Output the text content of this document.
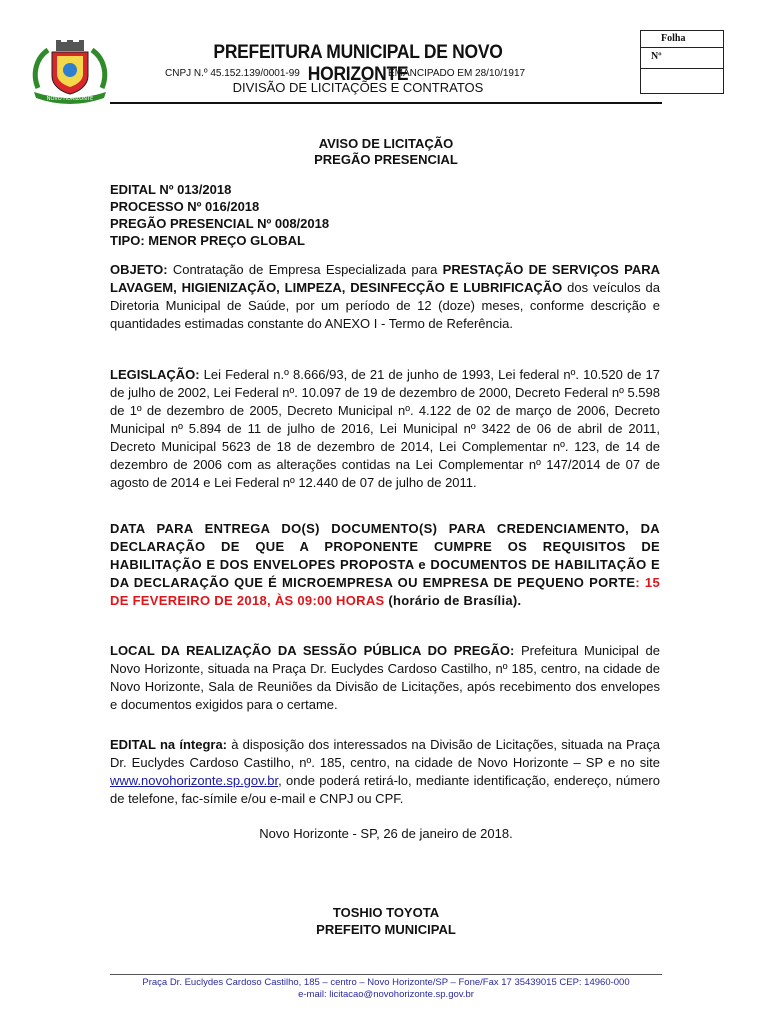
NOVO HORIZONTE
PREFEITURA MUNICIPAL DE NOVO HORIZONTE
CNPJ N.º 45.152.139/0001-99	EMANCIPADO EM 28/10/1917
DIVISÃO DE LICITAÇÕES E CONTRATOS
Folha
Nº
AVISO DE LICITAÇÃO
PREGÃO PRESENCIAL
EDITAL Nº 013/2018
PROCESSO Nº 016/2018
PREGÃO PRESENCIAL Nº 008/2018
TIPO: MENOR PREÇO GLOBAL
OBJETO: Contratação de Empresa Especializada para PRESTAÇÃO DE SERVIÇOS PARA LAVAGEM, HIGIENIZAÇÃO, LIMPEZA, DESINFECÇÃO E LUBRIFICAÇÃO dos veículos da Diretoria Municipal de Saúde, por um período de 12 (doze) meses, conforme descrição e quantidades estimadas constante do ANEXO I - Termo de Referência.
LEGISLAÇÃO: Lei Federal n.º 8.666/93, de 21 de junho de 1993, Lei federal nº. 10.520 de 17 de julho de 2002, Lei Federal nº. 10.097 de 19 de dezembro de 2000, Decreto Federal nº 5.598 de 1º de dezembro de 2005, Decreto Municipal nº. 4.122 de 02 de março de 2006, Decreto Municipal nº 5.894 de 11 de julho de 2016, Lei Municipal nº 3422 de 06 de abril de 2011, Decreto Municipal 5623 de 18 de dezembro de 2014, Lei Complementar nº. 123, de 14 de dezembro de 2006 com as alterações contidas na Lei Complementar nº 147/2014 de 07 de agosto de 2014 e Lei Federal nº 12.440 de 07 de julho de 2011.
DATA PARA ENTREGA DO(S) DOCUMENTO(S) PARA CREDENCIAMENTO, DA DECLARAÇÃO DE QUE A PROPONENTE CUMPRE OS REQUISITOS DE HABILITAÇÃO E DOS ENVELOPES PROPOSTA e DOCUMENTOS DE HABILITAÇÃO E DA DECLARAÇÃO QUE É MICROEMPRESA OU EMPRESA DE PEQUENO PORTE: 15 DE FEVEREIRO DE 2018, ÀS 09:00 HORAS (horário de Brasília).
LOCAL DA REALIZAÇÃO DA SESSÃO PÚBLICA DO PREGÃO: Prefeitura Municipal de Novo Horizonte, situada na Praça Dr. Euclydes Cardoso Castilho, nº 185, centro, na cidade de Novo Horizonte, Sala de Reuniões da Divisão de Licitações, após recebimento dos envelopes e documentos exigidos para o certame.
EDITAL na íntegra: à disposição dos interessados na Divisão de Licitações, situada na Praça Dr. Euclydes Cardoso Castilho, nº. 185, centro, na cidade de Novo Horizonte – SP e no site www.novohorizonte.sp.gov.br, onde poderá retirá-lo, mediante identificação, endereço, número de telefone, fac-símile e/ou e-mail e CNPJ ou CPF.
Novo Horizonte - SP, 26 de janeiro de 2018.
TOSHIO TOYOTA
PREFEITO MUNICIPAL
Praça Dr. Euclydes Cardoso Castilho, 185 – centro – Novo Horizonte/SP – Fone/Fax 17 35439015 CEP: 14960-000
e-mail: licitacao@novohorizonte.sp.gov.br
